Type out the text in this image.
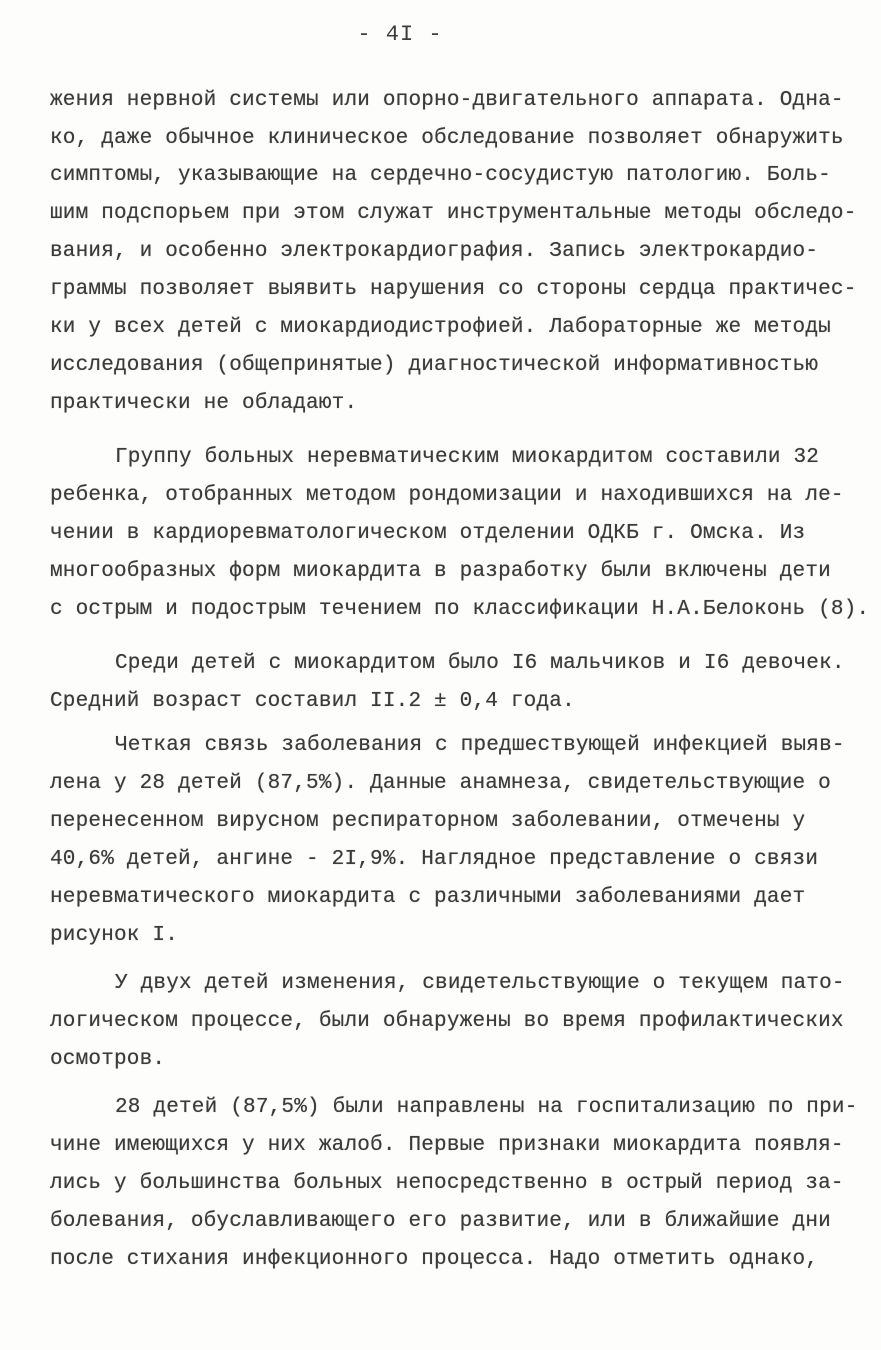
- 4I -
жения нервной системы или опорно-двигательного аппарата. Одна-
ко, даже обычное клиническое обследование позволяет обнаружить
симптомы, указывающие на сердечно-сосудистую патологию. Боль-
шим подспорьем при этом служат инструментальные методы обследо-
вания, и особенно электрокардиография. Запись электрокардио-
граммы позволяет выявить нарушения со стороны сердца практичес-
ки у всех детей с миокардиодистрофией. Лабораторные же методы
исследования (общепринятые) диагностической информативностью
практически не обладают.
Группу больных неревматическим миокардитом составили 32
ребенка, отобранных методом рондомизации и находившихся на ле-
чении в кардиоревматологическом отделении ОДКБ г. Омска. Из
многообразных форм миокардита в разработку были включены дети
с острым и подострым течением по классификации Н.А.Белоконь (8).
Среди детей с миокардитом было I6 мальчиков и I6 девочек.
Средний возраст составил II.2 ± 0,4 года.
Четкая связь заболевания с предшествующей инфекцией выяв-
лена у 28 детей (87,5%). Данные анамнеза, свидетельствующие о
перенесенном вирусном респираторном заболевании, отмечены у
40,6% детей, ангине - 2I,9%. Наглядное представление о связи
неревматического миокардита с различными заболеваниями дает
рисунок I.
У двух детей изменения, свидетельствующие о текущем пато-
логическом процессе, были обнаружены во время профилактических
осмотров.
28 детей (87,5%) были направлены на госпитализацию по при-
чине имеющихся у них жалоб. Первые признаки миокардита появля-
лись у большинства больных непосредственно в острый период за-
болевания, обуславливающего его развитие, или в ближайшие дни
после стихания инфекционного процесса. Надо отметить однако,
